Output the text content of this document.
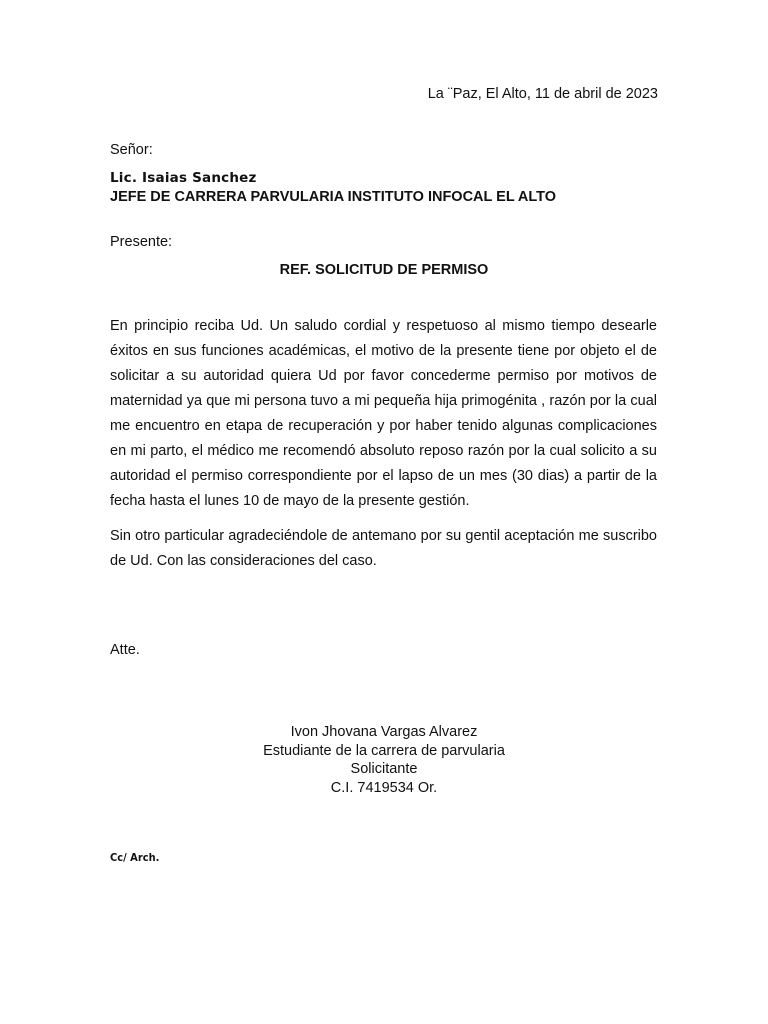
La ¨Paz, El Alto, 11 de abril de 2023
Señor:
Lic. Isaias Sanchez
JEFE DE CARRERA PARVULARIA INSTITUTO INFOCAL EL ALTO
Presente:
REF. SOLICITUD DE PERMISO

En principio reciba Ud. Un saludo cordial y respetuoso al mismo tiempo desearle éxitos en sus funciones académicas, el motivo de la presente tiene por objeto el de solicitar a su autoridad quiera Ud por favor concederme permiso por motivos de maternidad ya que mi persona tuvo a mi pequeña hija primogénita , razón por la cual me encuentro en etapa de recuperación y por haber tenido algunas complicaciones en mi parto, el médico me recomendó absoluto reposo razón por la cual solicito a su autoridad el permiso correspondiente por el lapso de un mes (30 dias) a partir de la fecha hasta el lunes 10 de mayo de la presente gestión.

Sin otro particular agradeciéndole de antemano por su gentil aceptación me suscribo de Ud. Con las consideraciones del caso.

Atte.
Ivon Jhovana Vargas Alvarez
Estudiante de la carrera de parvularia
Solicitante
C.I. 7419534 Or.
Cc/ Arch.
